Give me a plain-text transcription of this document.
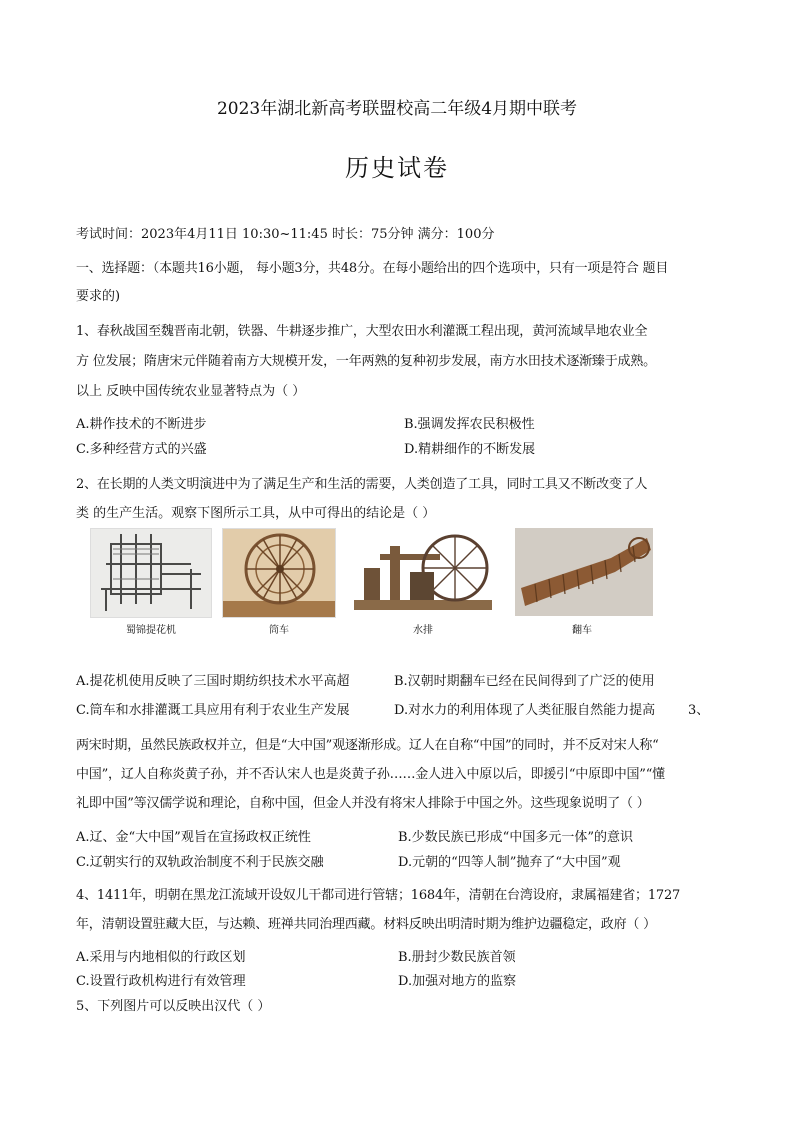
2023年湖北新高考联盟校高二年级4月期中联考
历史试卷
考试时间：2023年4月11日 10:30~11:45 时长：75分钟 满分：100分
一、选择题：（本题共16小题， 每小题3分，共48分。在每小题给出的四个选项中，只有一项是符合 题目
要求的)
1、春秋战国至魏晋南北朝，铁器、牛耕逐步推广，大型农田水利灌溉工程出现，黄河流域旱地农业全
方 位发展；隋唐宋元伴随着南方大规模开发，一年两熟的复种初步发展，南方水田技术逐渐臻于成熟。
以上 反映中国传统农业显著特点为（ ）
A.耕作技术的不断进步	B.强调发挥农民积极性
C.多种经营方式的兴盛	D.精耕细作的不断发展
2、在长期的人类文明演进中为了满足生产和生活的需要，人类创造了工具，同时工具又不断改变了人
类 的生产生活。观察下图所示工具，从中可得出的结论是（ ）
蜀锦提花机	筒车	水排	翻车
A.提花机使用反映了三国时期纺织技术水平高超	B.汉朝时期翻车已经在民间得到了广泛的使用
C.筒车和水排灌溉工具应用有利于农业生产发展	D.对水力的利用体现了人类征服自然能力提高	3、
两宋时期，虽然民族政权并立，但是“大中国”观逐渐形成。辽人在自称“中国”的同时，并不反对宋人称“
中国”，辽人自称炎黄子孙，并不否认宋人也是炎黄子孙……金人进入中原以后，即援引“中原即中国”“懂
礼即中国”等汉儒学说和理论，自称中国，但金人并没有将宋人排除于中国之外。这些现象说明了（ ）
A.辽、金“大中国”观旨在宣扬政权正统性	B.少数民族已形成“中国多元一体”的意识
C.辽朝实行的双轨政治制度不利于民族交融	D.元朝的“四等人制”抛弃了“大中国”观
4、1411年，明朝在黑龙江流域开设奴儿干都司进行管辖；1684年，清朝在台湾设府，隶属福建省；1727
年，清朝设置驻藏大臣，与达赖、班禅共同治理西藏。材料反映出明清时期为维护边疆稳定，政府（ ）
A.采用与内地相似的行政区划	B.册封少数民族首领
C.设置行政机构进行有效管理	D.加强对地方的监察
5、下列图片可以反映出汉代（ ）
